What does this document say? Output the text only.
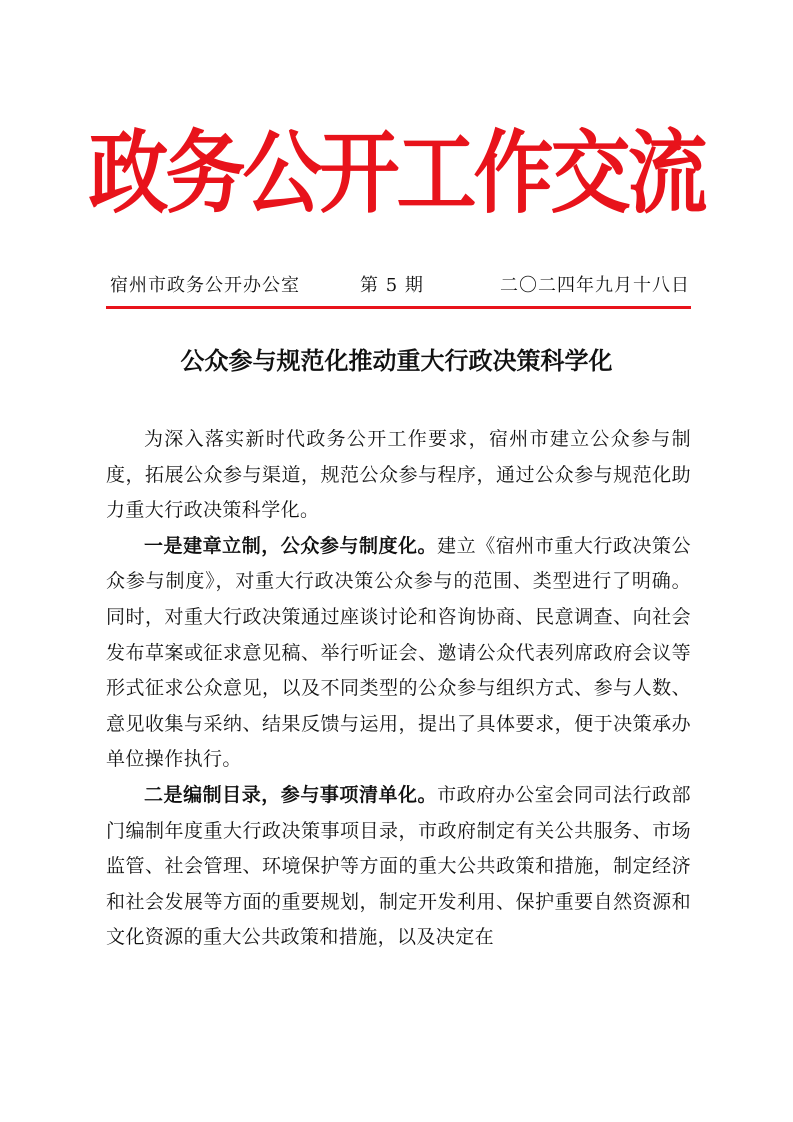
政务公开工作交流
宿州市政务公开办公室	第 5 期	二〇二四年九月十八日
公众参与规范化推动重大行政决策科学化

为深入落实新时代政务公开工作要求，宿州市建立公众参与制度，拓展公众参与渠道，规范公众参与程序，通过公众参与规范化助力重大行政决策科学化。

一是建章立制，公众参与制度化。建立《宿州市重大行政决策公众参与制度》，对重大行政决策公众参与的范围、类型进行了明确。同时，对重大行政决策通过座谈讨论和咨询协商、民意调查、向社会发布草案或征求意见稿、举行听证会、邀请公众代表列席政府会议等形式征求公众意见，以及不同类型的公众参与组织方式、参与人数、意见收集与采纳、结果反馈与运用，提出了具体要求，便于决策承办单位操作执行。

二是编制目录，参与事项清单化。市政府办公室会同司法行政部门编制年度重大行政决策事项目录，市政府制定有关公共服务、市场监管、社会管理、环境保护等方面的重大公共政策和措施，制定经济和社会发展等方面的重要规划，制定开发利用、保护重要自然资源和文化资源的重大公共政策和措施，以及决定在
